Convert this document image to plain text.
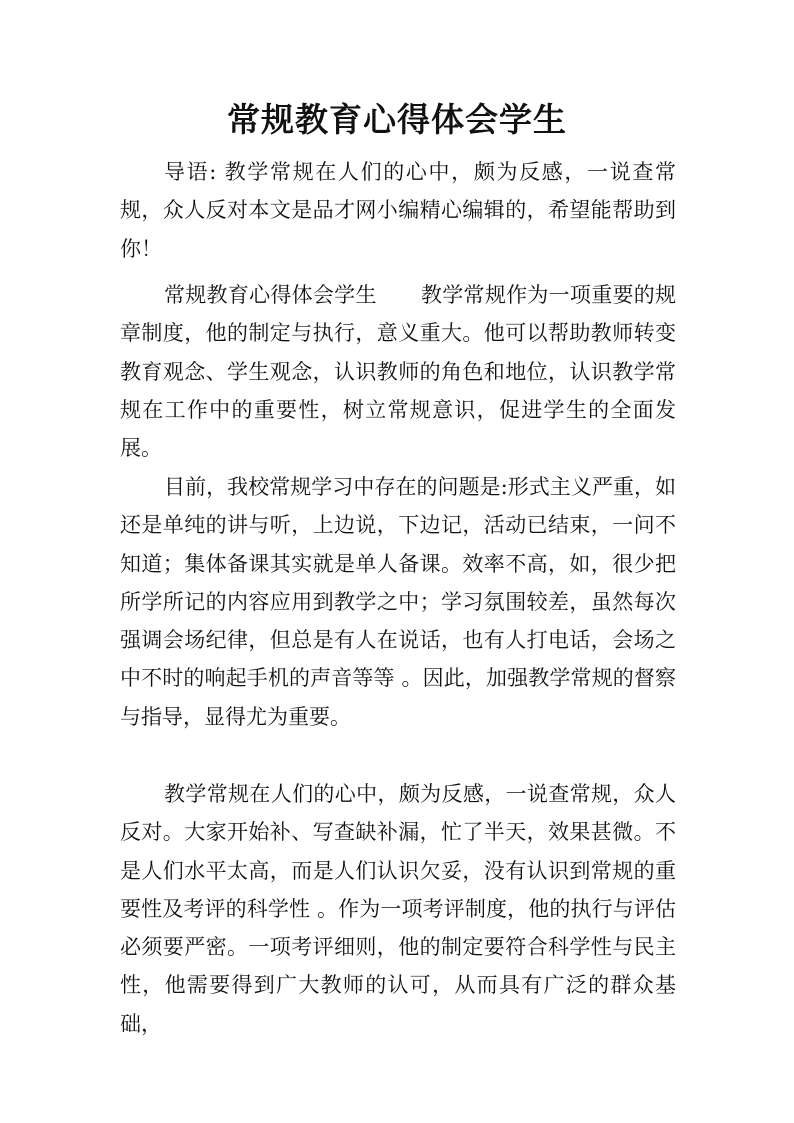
常规教育心得体会学生

导语: 教学常规在人们的心中，颇为反感，一说查常规，众人反对本文是品才网小编精心编辑的，希望能帮助到你！

常规教育心得体会学生 教学常规作为一项重要的规章制度，他的制定与执行，意义重大。他可以帮助教师转变教育观念、学生观念，认识教师的角色和地位，认识教学常规在工作中的重要性，树立常规意识，促进学生的全面发展。

目前，我校常规学习中存在的问题是:形式主义严重，如还是单纯的讲与听，上边说，下边记，活动已结束，一问不知道；集体备课其实就是单人备课。效率不高，如，很少把所学所记的内容应用到教学之中；学习氛围较差，虽然每次强调会场纪律，但总是有人在说话，也有人打电话，会场之中不时的响起手机的声音等等 。因此，加强教学常规的督察与指导，显得尤为重要。

教学常规在人们的心中，颇为反感，一说查常规，众人反对。大家开始补、写查缺补漏，忙了半天，效果甚微。不是人们水平太高，而是人们认识欠妥，没有认识到常规的重要性及考评的科学性 。作为一项考评制度，他的执行与评估必须要严密。一项考评细则，他的制定要符合科学性与民主性，他需要得到广大教师的认可，从而具有广泛的群众基础，
